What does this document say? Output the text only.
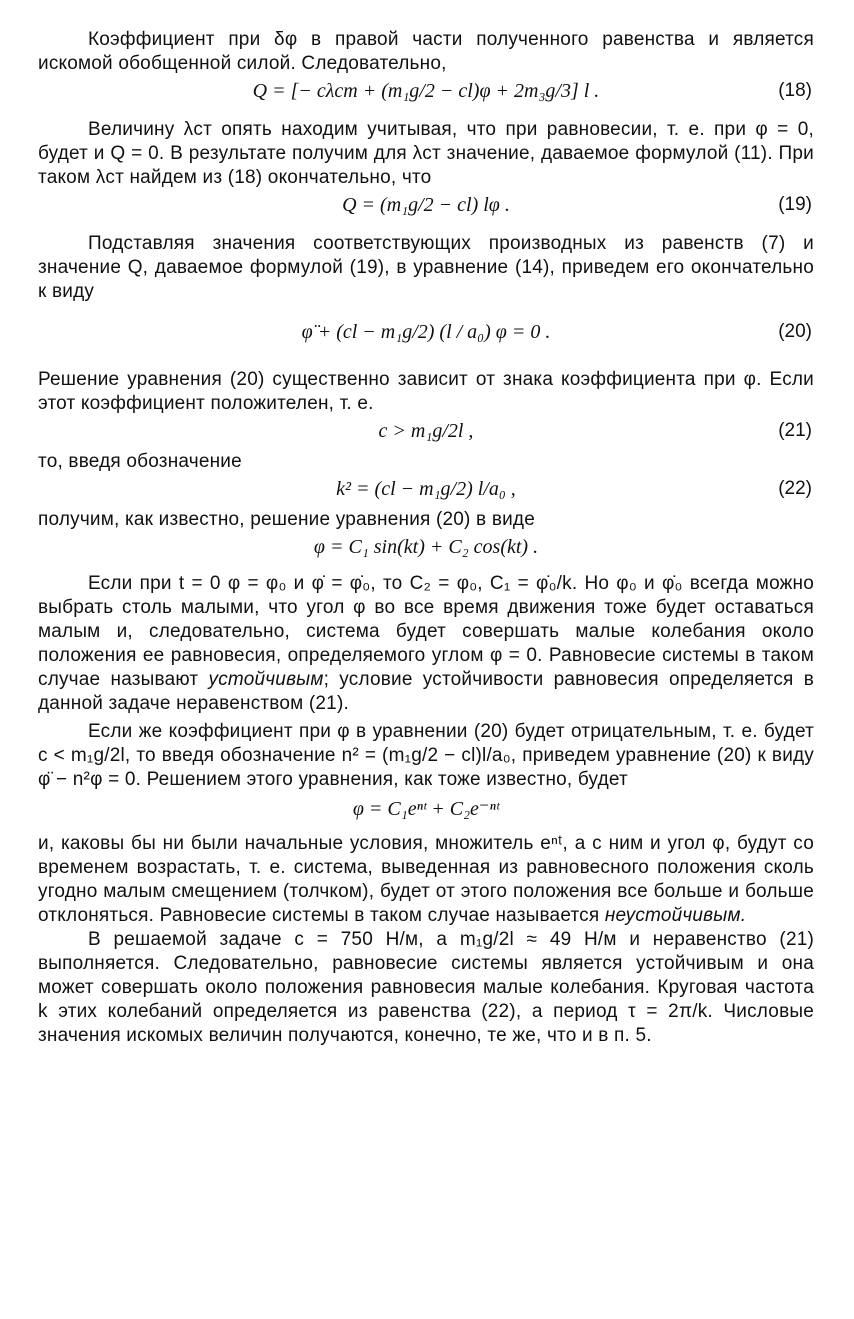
Коэффициент при δφ в правой части полученного равенства и является искомой обобщенной силой. Следовательно,

Q = [− cλст + (m₁g/2 − cl)φ + 2m₃g/3] l .	(18)

Величину λст опять находим учитывая, что при равновесии, т. е. при φ = 0, будет и Q = 0. В результате получим для λст значение, даваемое формулой (11). При таком λст найдем из (18) окончательно, что

Q = (m₁g/2 − cl) lφ .	(19)

Подставляя значения соответствующих производных из равенств (7) и значение Q, даваемое формулой (19), в уравнение (14), приведем его окончательно к виду

φ̈ + (cl − m₁g/2) (l / a₀) φ = 0 .	(20)

Решение уравнения (20) существенно зависит от знака коэффициента при φ. Если этот коэффициент положителен, т. е.

c > m₁g/2l ,	(21)

то, введя обозначение

k² = (cl − m₁g/2) l/a₀ ,	(22)

получим, как известно, решение уравнения (20) в виде

φ = C₁ sin(kt) + C₂ cos(kt) .

Если при t = 0 φ = φ₀ и φ̇ = φ̇₀, то C₂ = φ₀, C₁ = φ̇₀/k. Но φ₀ и φ̇₀ всегда можно выбрать столь малыми, что угол φ во все время движения тоже будет оставаться малым и, следовательно, система будет совершать малые колебания около положения ее равновесия, определяемого углом φ = 0. Равновесие системы в таком случае называют устойчивым; условие устойчивости равновесия определяется в данной задаче неравенством (21).

Если же коэффициент при φ в уравнении (20) будет отрицательным, т. е. будет c < m₁g/2l, то введя обозначение n² = (m₁g/2 − cl)l/a₀, приведем уравнение (20) к виду φ̈ − n²φ = 0. Решением этого уравнения, как тоже известно, будет

φ = C₁eⁿᵗ + C₂e⁻ⁿᵗ

и, каковы бы ни были начальные условия, множитель eⁿᵗ, а с ним и угол φ, будут со временем возрастать, т. е. система, выведенная из равновесного положения сколь угодно малым смещением (толчком), будет от этого положения все больше и больше отклоняться. Равновесие системы в таком случае называется неустойчивым.

В решаемой задаче c = 750 Н/м, а m₁g/2l ≈ 49 Н/м и неравенство (21) выполняется. Следовательно, равновесие системы является устойчивым и она может совершать около положения равновесия малые колебания. Круговая частота k этих колебаний определяется из равенства (22), а период τ = 2π/k. Числовые значения искомых величин получаются, конечно, те же, что и в п. 5.
